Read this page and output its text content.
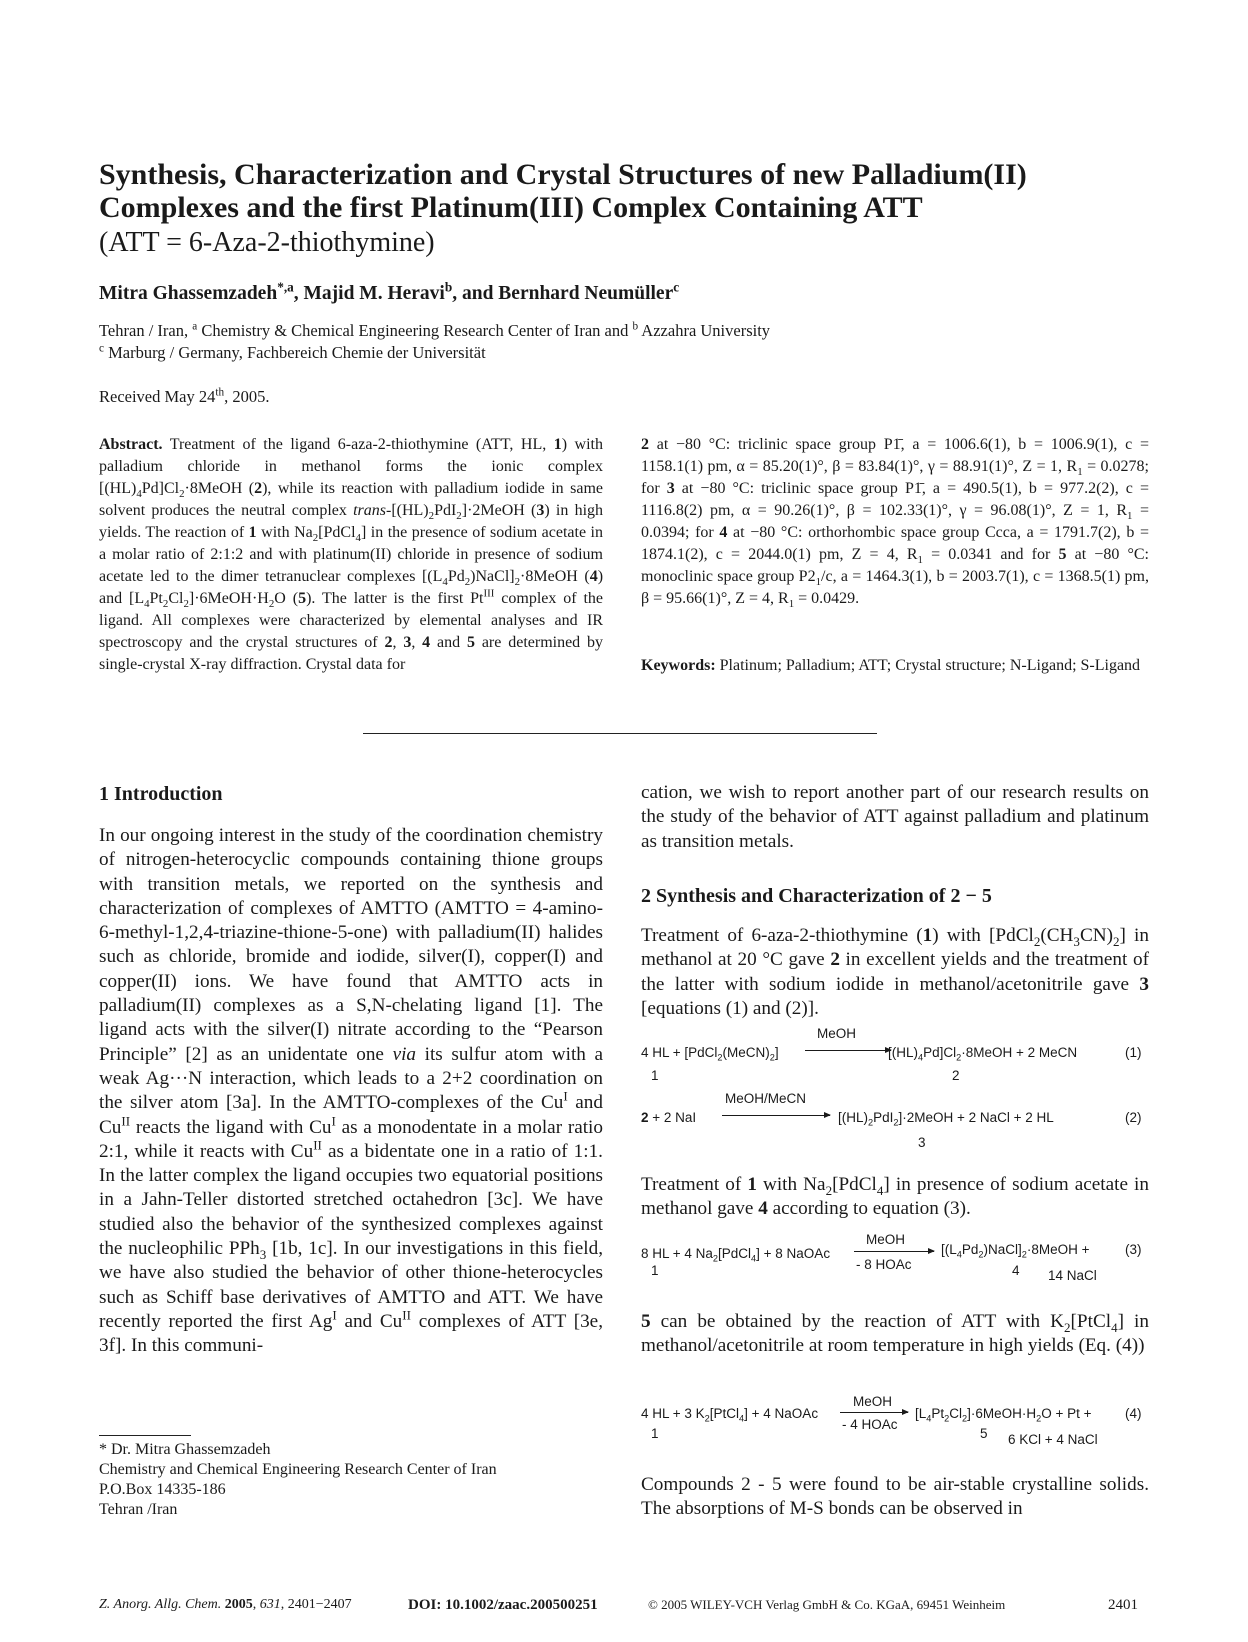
Synthesis, Characterization and Crystal Structures of new Palladium(II)
Complexes and the first Platinum(III) Complex Containing ATT
(ATT = 6-Aza-2-thiothymine)
Mitra Ghassemzadeh$^{*,a}$, Majid M. Heravi$^b$, and Bernhard Neumüller$^c$
Tehran / Iran, $^a$ Chemistry & Chemical Engineering Research Center of Iran and $^b$ Azzahra University
$^c$ Marburg / Germany, Fachbereich Chemie der Universität
Received May 24th, 2005.
Abstract. Treatment of the ligand 6-aza-2-thiothymine (ATT, HL, 1) with palladium chloride in methanol forms the ionic complex $[(HL)_4Pd]Cl_2\cdot 8MeOH$ (2), while its reaction with palladium iodide in same solvent produces the neutral complex trans-$[(HL)_2PdI_2]\cdot 2MeOH$ (3) in high yields. The reaction of 1 with $Na_2[PdCl_4]$ in the presence of sodium acetate in a molar ratio of 2:1:2 and with platinum(II) chloride in presence of sodium acetate led to the dimer tetranuclear complexes $[(L_4Pd_2)NaCl]_2\cdot 8MeOH$ (4) and $[L_4Pt_2Cl_2]\cdot 6MeOH\cdot H_2O$ (5). The latter is the first $Pt^{III}$ complex of the ligand. All complexes were characterized by elemental analyses and IR spectroscopy and the crystal structures of 2, 3, 4 and 5 are determined by single-crystal X-ray diffraction. Crystal data for
2 at −80 °C: triclinic space group P1̄, a = 1006.6(1), b = 1006.9(1), c = 1158.1(1) pm, α = 85.20(1)°, β = 83.84(1)°, γ = 88.91(1)°, Z = 1, $R_1 = 0.0278$; for 3 at −80 °C: triclinic space group P1̄, a = 490.5(1), b = 977.2(2), c = 1116.8(2) pm, α = 90.26(1)°, β = 102.33(1)°, γ = 96.08(1)°, Z = 1, $R_1 = 0.0394$; for 4 at −80 °C: orthorhombic space group Ccca, a = 1791.7(2), b = 1874.1(2), c = 2044.0(1) pm, Z = 4, $R_1 = 0.0341$ and for 5 at −80 °C: monoclinic space group $P2_1/c$, a = 1464.3(1), b = 2003.7(1), c = 1368.5(1) pm, β = 95.66(1)°, Z = 4, $R_1 = 0.0429$.
Keywords: Platinum; Palladium; ATT; Crystal structure; N-Ligand; S-Ligand
1 Introduction
In our ongoing interest in the study of the coordination chemistry of nitrogen-heterocyclic compounds containing thione groups with transition metals, we reported on the synthesis and characterization of complexes of AMTTO (AMTTO = 4-amino-6-methyl-1,2,4-triazine-thione-5-one) with palladium(II) halides such as chloride, bromide and iodide, silver(I), copper(I) and copper(II) ions. We have found that AMTTO acts in palladium(II) complexes as a S,N-chelating ligand [1]. The ligand acts with the silver(I) nitrate according to the “Pearson Principle” [2] as an unidentate one via its sulfur atom with a weak Ag···N interaction, which leads to a 2+2 coordination on the silver atom [3a]. In the AMTTO-complexes of the $Cu^I$ and $Cu^{II}$ reacts the ligand with $Cu^I$ as a monodentate in a molar ratio 2:1, while it reacts with $Cu^{II}$ as a bidentate one in a ratio of 1:1. In the latter complex the ligand occupies two equatorial positions in a Jahn-Teller distorted stretched octahedron [3c]. We have studied also the behavior of the synthesized complexes against the nucleophilic PPh$_3$ [1b, 1c]. In our investigations in this field, we have also studied the behavior of other thione-heterocycles such as Schiff base derivatives of AMTTO and ATT. We have recently reported the first $Ag^I$ and $Cu^{II}$ complexes of ATT [3e, 3f]. In this communi-
* Dr. Mitra Ghassemzadeh
Chemistry and Chemical Engineering Research Center of Iran
P.O.Box 14335-186
Tehran /Iran
cation, we wish to report another part of our research results on the study of the behavior of ATT against palladium and platinum as transition metals.
2 Synthesis and Characterization of 2 − 5
Treatment of 6-aza-2-thiothymine (1) with $[PdCl_2(CH_3CN)_2]$ in methanol at 20 °C gave 2 in excellent yields and the treatment of the latter with sodium iodide in methanol/acetonitrile gave 3 [equations (1) and (2)].
4 HL + $[PdCl_2(MeCN)_2]$
MeOH
$[(HL)_4Pd]Cl_2\cdot 8MeOH + 2$ MeCN	(1)
1	2
2 + 2 NaI
MeOH/MeCN
$[(HL)_2PdI_2]\cdot 2MeOH + 2$ NaCl + 2 HL	(2)
3
Treatment of 1 with $Na_2[PdCl_4]$ in presence of sodium acetate in methanol gave 4 according to equation (3).
8 HL + 4 $Na_2[PdCl_4] + 8$ NaOAc
MeOH
- 8 HOAc
$[(L_4Pd_2)NaCl]_2\cdot 8MeOH$ +	(3)
1	4 14 NaCl
5 can be obtained by the reaction of ATT with $K_2[PtCl_4]$ in methanol/acetonitrile at room temperature in high yields (Eq. (4))
4 HL + 3 $K_2[PtCl_4] + 4$ NaOAc
MeOH
- 4 HOAc
$[L_4Pt_2Cl_2]\cdot 6MeOH\cdot H_2O + Pt + (4)$
1	5 6 KCl + 4 NaCl
Compounds 2 - 5 were found to be air-stable crystalline solids. The absorptions of M-S bonds can be observed in
Z. Anorg. Allg. Chem. 2005, 631, 2401−2407	DOI: 10.1002/zaac.200500251	© 2005 WILEY-VCH Verlag GmbH & Co. KGaA, 69451 Weinheim	2401
